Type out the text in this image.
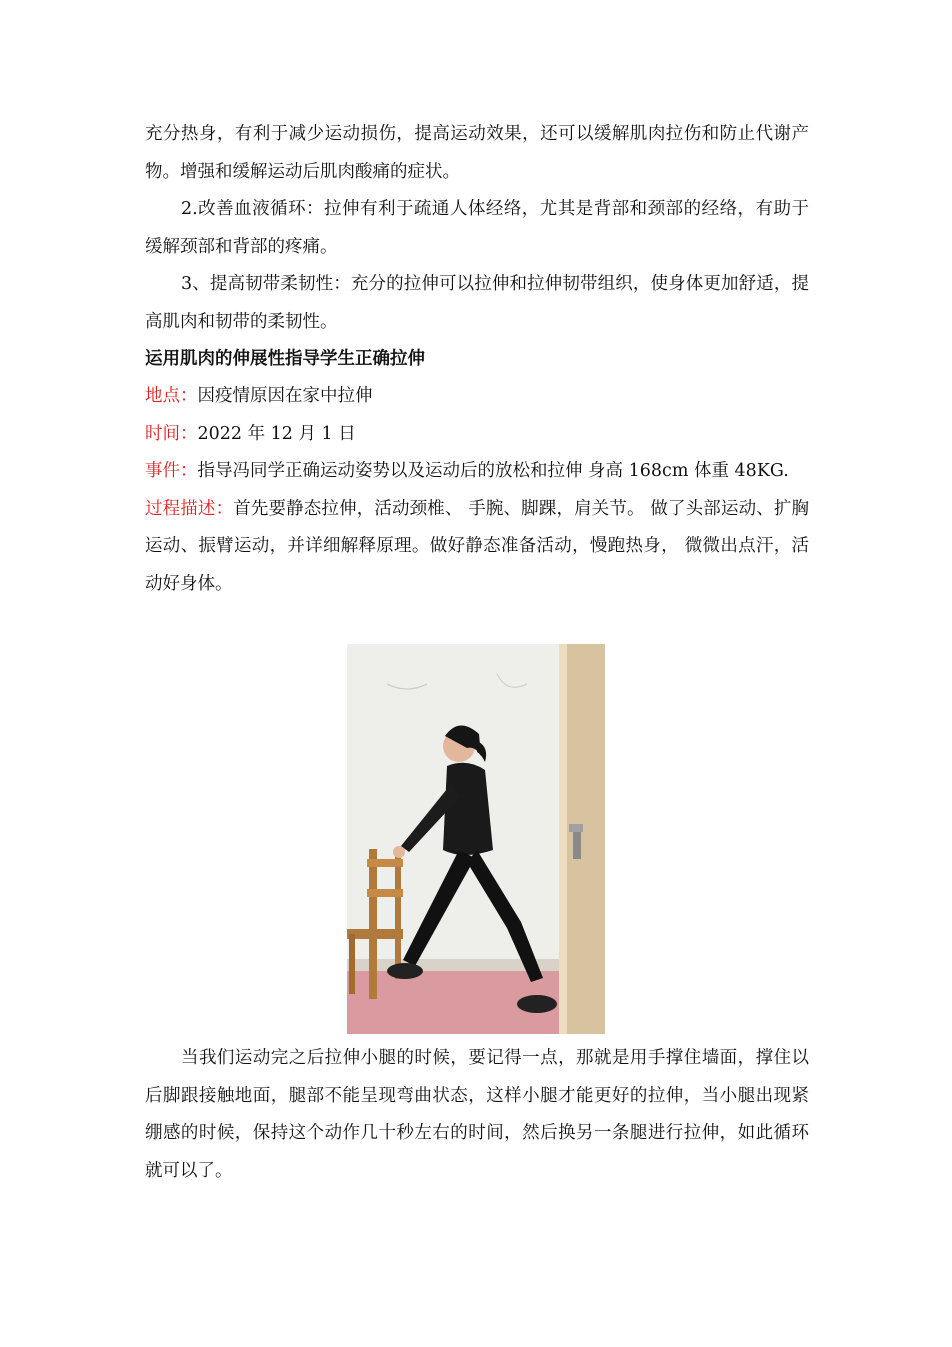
充分热身，有利于减少运动损伤，提高运动效果，还可以缓解肌肉拉伤和防止代谢产物。增强和缓解运动后肌肉酸痛的症状。

2.改善血液循环：拉伸有利于疏通人体经络，尤其是背部和颈部的经络，有助于缓解颈部和背部的疼痛。

3、提高韧带柔韧性：充分的拉伸可以拉伸和拉伸韧带组织，使身体更加舒适，提高肌肉和韧带的柔韧性。

运用肌肉的伸展性指导学生正确拉伸

地点：因疫情原因在家中拉伸

时间：2022 年 12 月 1 日

事件：指导冯同学正确运动姿势以及运动后的放松和拉伸 身高 168cm 体重 48KG.

过程描述：首先要静态拉伸，活动颈椎、 手腕、脚踝，肩关节。 做了头部运动、扩胸运动、振臂运动，并详细解释原理。做好静态准备活动，慢跑热身， 微微出点汗，活动好身体。

当我们运动完之后拉伸小腿的时候，要记得一点，那就是用手撑住墙面，撑住以后脚跟接触地面，腿部不能呈现弯曲状态，这样小腿才能更好的拉伸，当小腿出现紧绷感的时候，保持这个动作几十秒左右的时间，然后换另一条腿进行拉伸，如此循环就可以了。
